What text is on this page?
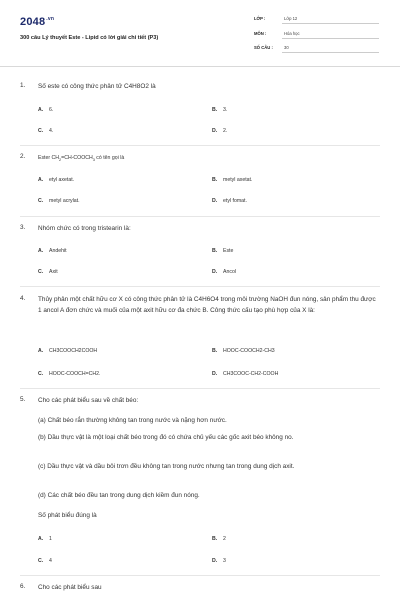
$2048^{.vn}$
300 câu Lý thuyết Este - Lipid có lời giải chi tiết (P3)
LỚP :	Lớp 12
MÔN :	Hóa học
SỐ CÂU :	30
1. Số este có công thức phân tử C4H8O2 là
A. 6.	B. 3.
C. 4.	D. 2.
2. Ester $CH_2=CH-COOCH_3$ có tên gọi là
A. etyl axetat.	B. metyl axetat.
C. metyl acrylat.	D. etyl fomat.
3. Nhóm chức có trong tristearin là:
A. Andehit	B. Este
C. Axit	D. Ancol
4. Thủy phân một chất hữu cơ X có công thức phân tử là C4H6O4 trong môi trường NaOH đun nóng, sản phẩm thu được 1 ancol A đơn chức và muối của một axit hữu cơ đa chức B. Công thức cấu tạo phù hợp của X là:
A. CH3COOCH2COOH	B. HOOC-COOCH2-CH3
C. HOOC-COOCH=CH2.	D. CH3COOC-CH2-COOH
5. Cho các phát biểu sau về chất béo:
(a) Chất béo rắn thường không tan trong nước và nặng hơn nước.
(b) Dầu thực vật là một loại chất béo trong đó có chứa chủ yếu các gốc axit béo không no.
(c) Dầu thực vật và dầu bôi trơn đều không tan trong nước nhưng tan trong dung dịch axit.
(d) Các chất béo đều tan trong dung dịch kiềm đun nóng.
Số phát biểu đúng là
A. 1	B. 2
C. 4	D. 3
6. Cho các phát biểu sau
